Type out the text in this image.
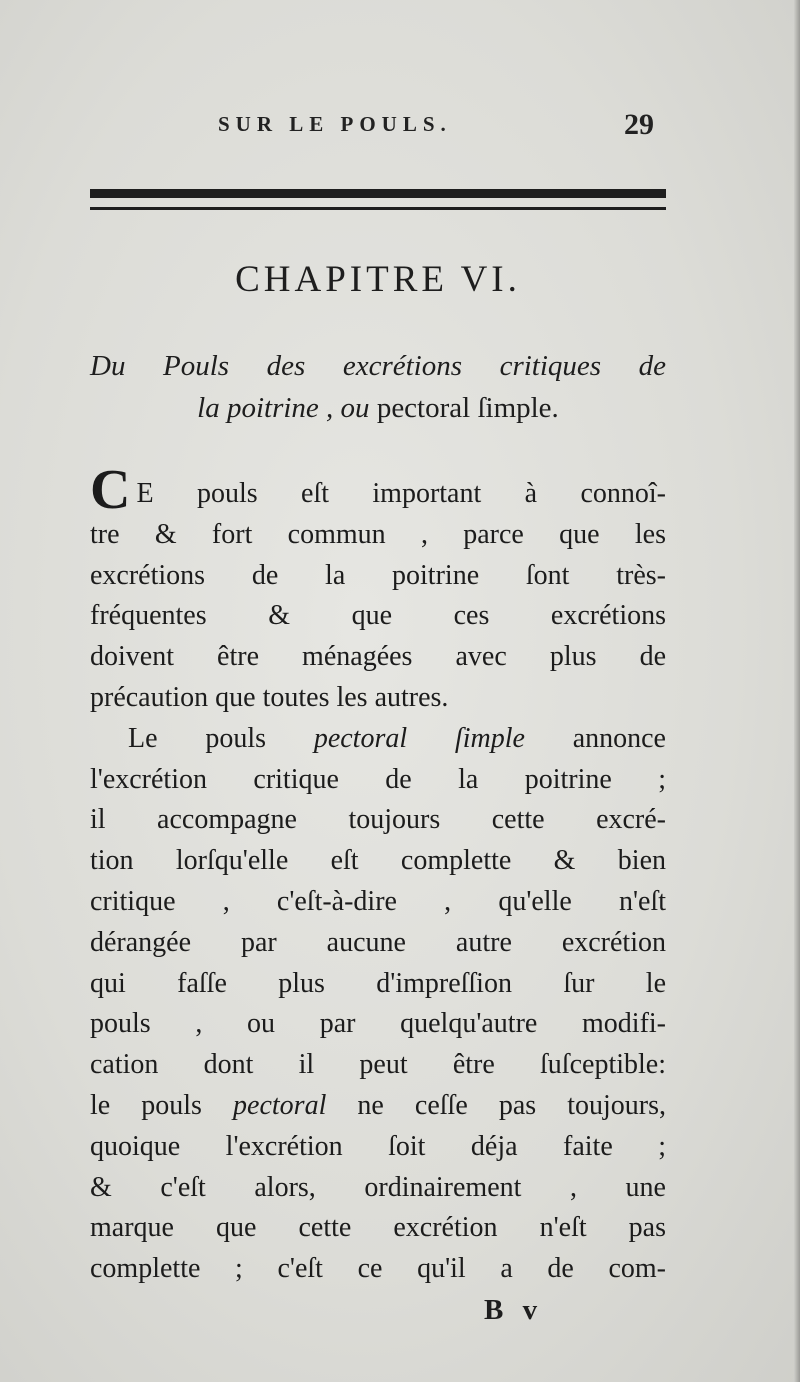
SUR LE POULS.	29
CHAPITRE VI.
Du Pouls des excrétions critiques de
la poitrine , ou pectoral ſimple.
C E pouls eſt important à connoî-
tre & fort commun , parce que les
excrétions de la poitrine ſont très-
fréquentes & que ces excrétions
doivent être ménagées avec plus de
précaution que toutes les autres.
Le pouls pectoral ſimple annonce
l'excrétion critique de la poitrine ;
il accompagne toujours cette excré-
tion lorſqu'elle eſt complette & bien
critique , c'eſt-à-dire , qu'elle n'eſt
dérangée par aucune autre excrétion
qui faſſe plus d'impreſſion ſur le
pouls , ou par quelqu'autre modifi-
cation dont il peut être ſuſceptible:
le pouls pectoral ne ceſſe pas toujours,
quoique l'excrétion ſoit déja faite ;
& c'eſt alors, ordinairement , une
marque que cette excrétion n'eſt pas
complette ; c'eſt ce qu'il a de com-
B v
